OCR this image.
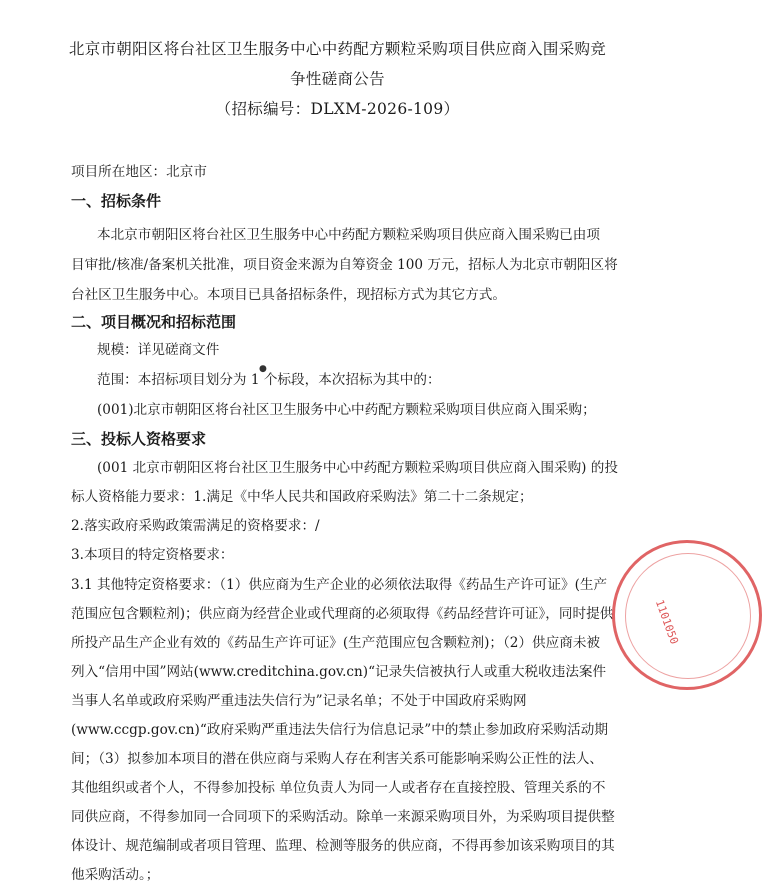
北京市朝阳区将台社区卫生服务中心中药配方颗粒采购项目供应商入围采购竞
争性磋商公告
（招标编号：DLXM-2026-109）
项目所在地区：北京市
一、招标条件
本北京市朝阳区将台社区卫生服务中心中药配方颗粒采购项目供应商入围采购已由项
目审批/核准/备案机关批准，项目资金来源为自筹资金 100 万元，招标人为北京市朝阳区将
台社区卫生服务中心。本项目已具备招标条件，现招标方式为其它方式。
二、项目概况和招标范围
规模：详见磋商文件
●
范围：本招标项目划分为 1 个标段，本次招标为其中的：
(001)北京市朝阳区将台社区卫生服务中心中药配方颗粒采购项目供应商入围采购；
三、投标人资格要求
(001 北京市朝阳区将台社区卫生服务中心中药配方颗粒采购项目供应商入围采购) 的投
标人资格能力要求：1.满足《中华人民共和国政府采购法》第二十二条规定；
2.落实政府采购政策需满足的资格要求：/
3.本项目的特定资格要求：
3.1 其他特定资格要求：（1）供应商为生产企业的必须依法取得《药品生产许可证》(生产
范围应包含颗粒剂)；供应商为经营企业或代理商的必须取得《药品经营许可证》，同时提供
所投产品生产企业有效的《药品生产许可证》(生产范围应包含颗粒剂)；（2）供应商未被
列入“信用中国”网站(www.creditchina.gov.cn)“记录失信被执行人或重大税收违法案件
当事人名单或政府采购严重违法失信行为”记录名单；不处于中国政府采购网
(www.ccgp.gov.cn)“政府采购严重违法失信行为信息记录”中的禁止参加政府采购活动期
间；（3）拟参加本项目的潜在供应商与采购人存在利害关系可能影响采购公正性的法人、
其他组织或者个人，不得参加投标 单位负责人为同一人或者存在直接控股、管理关系的不
同供应商，不得参加同一合同项下的采购活动。除单一来源采购项目外，为采购项目提供整
体设计、规范编制或者项目管理、监理、检测等服务的供应商，不得再参加该采购项目的其
他采购活动。；
1101050
